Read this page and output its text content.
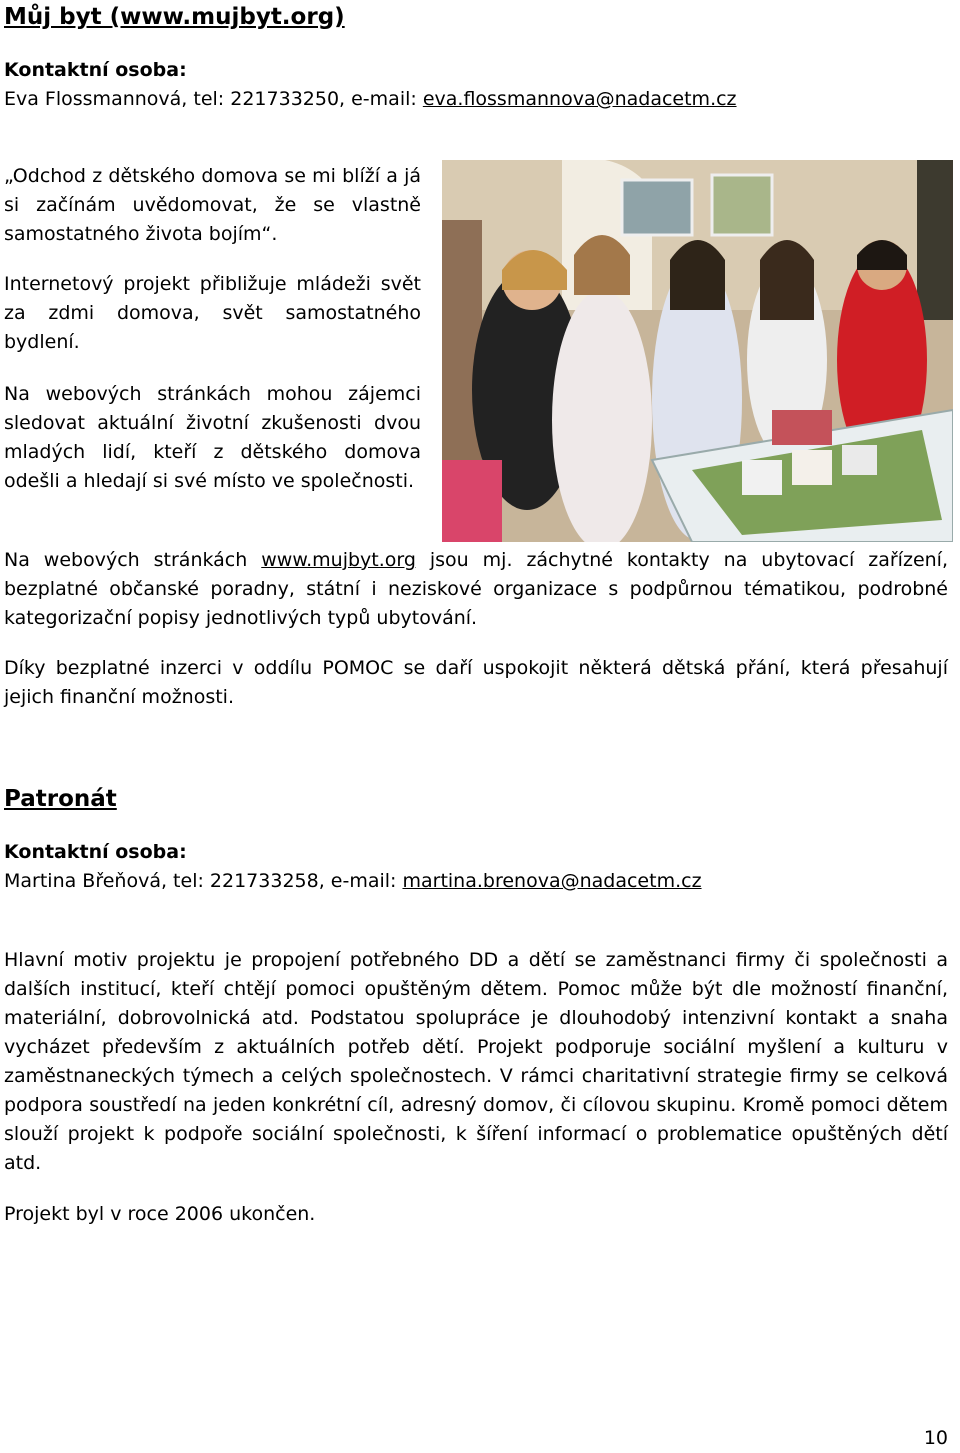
Můj byt (www.mujbyt.org)
Kontaktní osoba:
Eva Flossmannová, tel: 221733250, e-mail: eva.flossmannova@nadacetm.cz

„Odchod z dětského domova se mi blíží a já si začínám uvědomovat, že se vlastně samostatného života bojím“.

Internetový projekt přibližuje mládeži svět za zdmi domova, svět samostatného bydlení.

Na webových stránkách mohou zájemci sledovat aktuální životní zkušenosti dvou mladých lidí, kteří z dětského domova odešli a hledají si své místo ve společnosti.

Na webových stránkách www.mujbyt.org jsou mj. záchytné kontakty na ubytovací zařízení, bezplatné občanské poradny, státní i neziskové organizace s podpůrnou tématikou, podrobné kategorizační popisy jednotlivých typů ubytování.

Díky bezplatné inzerci v oddílu POMOC se daří uspokojit některá dětská přání, která přesahují jejich finanční možnosti.

Patronát
Kontaktní osoba:
Martina Břeňová, tel: 221733258, e-mail: martina.brenova@nadacetm.cz

Hlavní motiv projektu je propojení potřebného DD a dětí se zaměstnanci firmy či společnosti a dalších institucí, kteří chtějí pomoci opuštěným dětem. Pomoc může být dle možností finanční, materiální, dobrovolnická atd. Podstatou spolupráce je dlouhodobý intenzivní kontakt a snaha vycházet především z aktuálních potřeb dětí. Projekt podporuje sociální myšlení a kulturu v zaměstnaneckých týmech a celých společnostech. V rámci charitativní strategie firmy se celková podpora soustředí na jeden konkrétní cíl, adresný domov, či cílovou skupinu. Kromě pomoci dětem slouží projekt k podpoře sociální společnosti, k šíření informací o problematice opuštěných dětí atd.

Projekt byl v roce 2006 ukončen.

10
